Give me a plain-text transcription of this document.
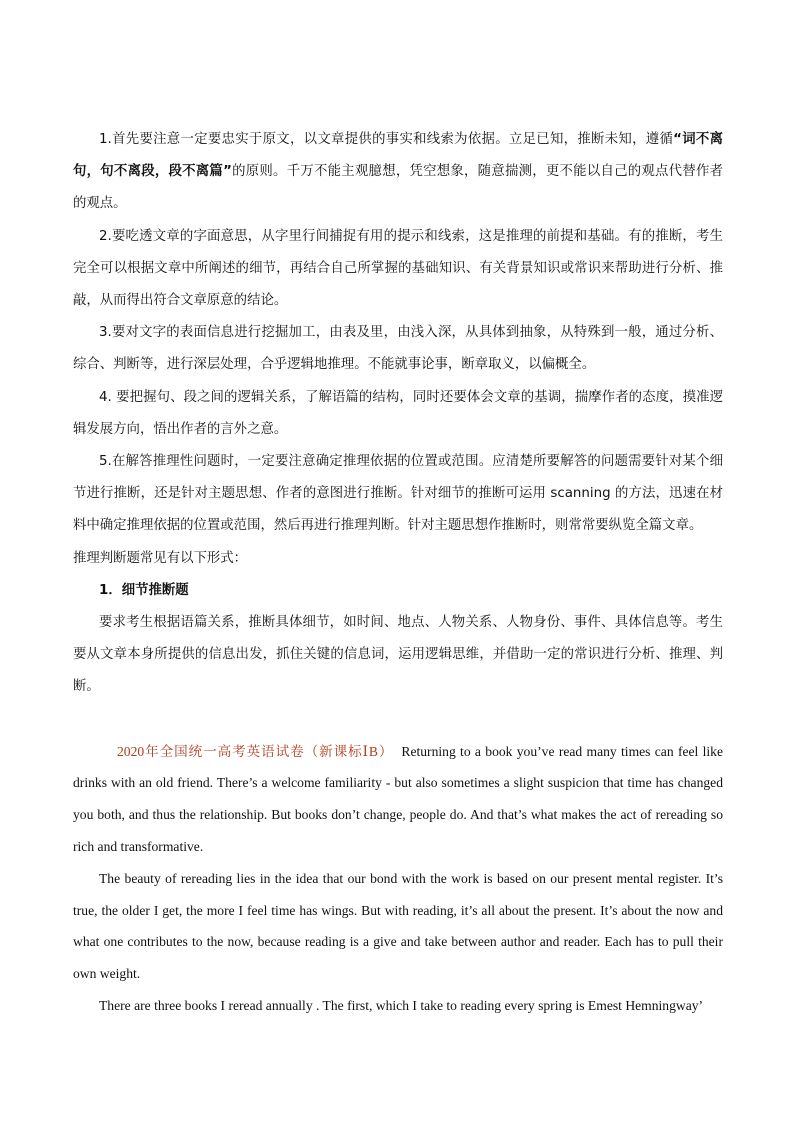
1.首先要注意一定要忠实于原文，以文章提供的事实和线索为依据。立足已知，推断未知，遵循“词不离句，句不离段，段不离篇”的原则。千万不能主观臆想，凭空想象，随意揣测，更不能以自己的观点代替作者的观点。

2.要吃透文章的字面意思，从字里行间捕捉有用的提示和线索，这是推理的前提和基础。有的推断，考生完全可以根据文章中所阐述的细节，再结合自己所掌握的基础知识、有关背景知识或常识来帮助进行分析、推敲，从而得出符合文章原意的结论。

3.要对文字的表面信息进行挖掘加工，由表及里，由浅入深，从具体到抽象，从特殊到一般，通过分析、综合、判断等，进行深层处理，合乎逻辑地推理。不能就事论事，断章取义，以偏概全。

4. 要把握句、段之间的逻辑关系，了解语篇的结构，同时还要体会文章的基调，揣摩作者的态度，摸准逻辑发展方向，悟出作者的言外之意。

5.在解答推理性问题时，一定要注意确定推理依据的位置或范围。应清楚所要解答的问题需要针对某个细节进行推断，还是针对主题思想、作者的意图进行推断。针对细节的推断可运用 scanning 的方法，迅速在材料中确定推理依据的位置或范围，然后再进行推理判断。针对主题思想作推断时，则常常要纵览全篇文章。

推理判断题常见有以下形式：

1．细节推断题

要求考生根据语篇关系，推断具体细节，如时间、地点、人物关系、人物身份、事件、具体信息等。考生要从文章本身所提供的信息出发，抓住关键的信息词，运用逻辑思维，并借助一定的常识进行分析、推理、判断。

2020年全国统一高考英语试卷（新课标ⅠB） Returning to a book you’ve read many times can feel like drinks with an old friend. There’s a welcome familiarity - but also sometimes a slight suspicion that time has changed you both, and thus the relationship. But books don’t change, people do. And that’s what makes the act of rereading so rich and transformative.

The beauty of rereading lies in the idea that our bond with the work is based on our present mental register. It’s true, the older I get, the more I feel time has wings. But with reading, it’s all about the present. It’s about the now and what one contributes to the now, because reading is a give and take between author and reader. Each has to pull their own weight.

There are three books I reread annually . The first, which I take to reading every spring is Emest Hemningway’
